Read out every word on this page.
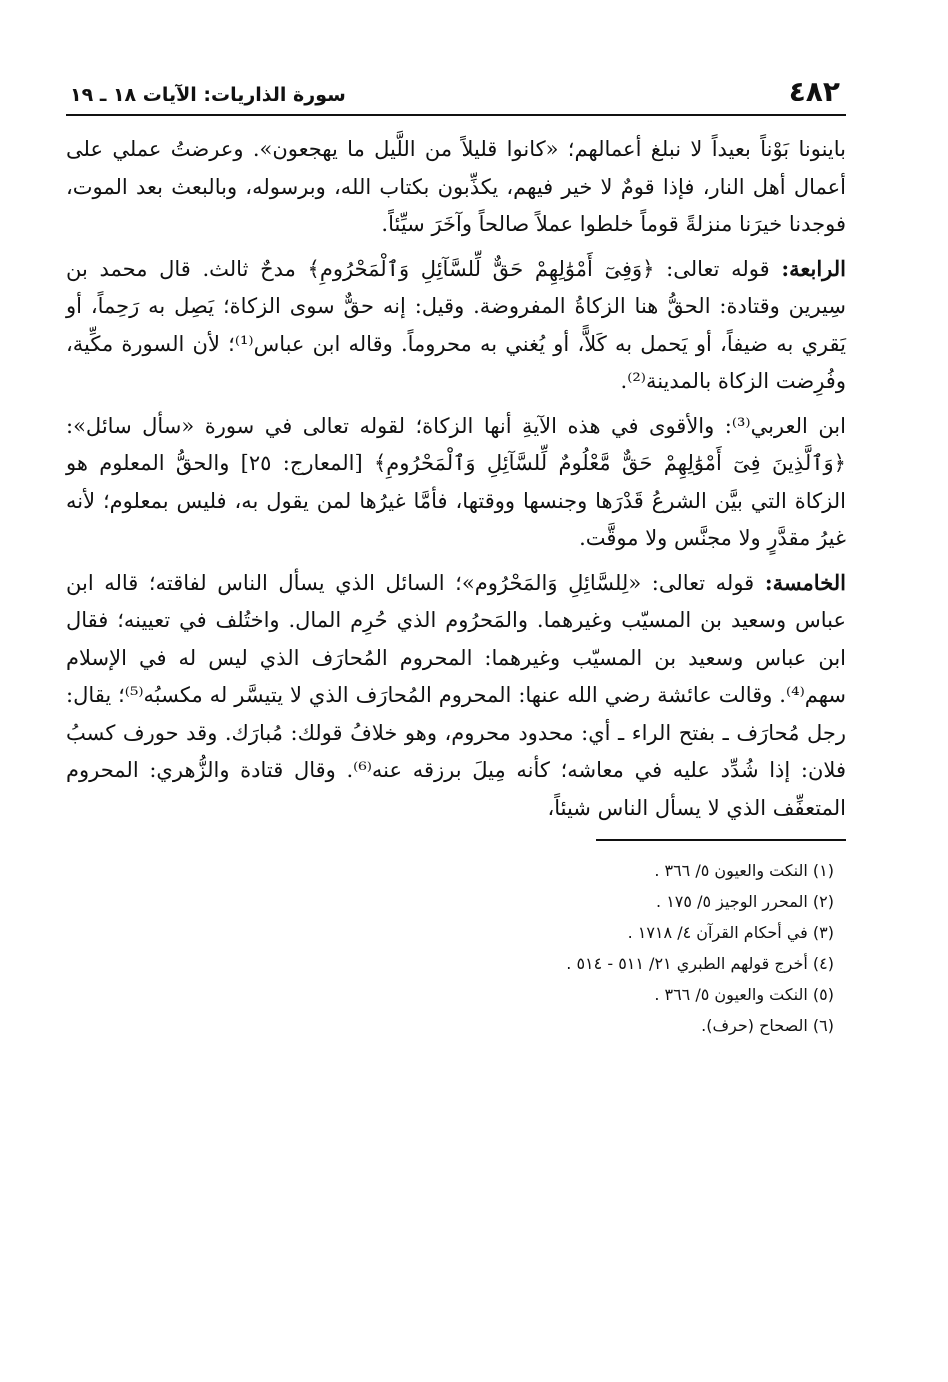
٤٨٢
سورة الذاريات: الآيات ١٨ ـ ١٩

باينونا بَوْناً بعيداً لا نبلغ أعمالهم؛ «كانوا قليلاً من اللَّيل ما يهجعون». وعرضتُ عملي على أعمال أهل النار، فإذا قومٌ لا خير فيهم، يكذِّبون بكتاب الله، وبرسوله، وبالبعث بعد الموت، فوجدنا خيرَنا منزلةً قوماً خلطوا عملاً صالحاً وآخَرَ سيِّئاً.

الرابعة: قوله تعالى: ﴿وَفِىٓ أَمْوَٰلِهِمْ حَقٌّ لِّلسَّآئِلِ وَٱلْمَحْرُومِ﴾ مدحٌ ثالث. قال محمد بن سِيرين وقتادة: الحقُّ هنا الزكاةُ المفروضة. وقيل: إنه حقٌّ سوى الزكاة؛ يَصِل به رَحِماً، أو يَقري به ضيفاً، أو يَحمل به كَلاًّ، أو يُغني به محروماً. وقاله ابن عباس⁽¹⁾؛ لأن السورة مكِّية، وفُرِضت الزكاة بالمدينة⁽²⁾.

ابن العربي⁽³⁾: والأقوى في هذه الآيةِ أنها الزكاة؛ لقوله تعالى في سورة «سأل سائل»: ﴿وَٱلَّذِينَ فِىٓ أَمْوَٰلِهِمْ حَقٌّ مَّعْلُومٌ لِّلسَّآئِلِ وَٱلْمَحْرُومِ﴾ [المعارج: ٢٥] والحقُّ المعلوم هو الزكاة التي بيَّن الشرعُ قَدْرَها وجنسها ووقتها، فأمَّا غيرُها لمن يقول به، فليس بمعلوم؛ لأنه غيرُ مقدَّرٍ ولا مجنَّس ولا موقَّت.

الخامسة: قوله تعالى: «لِلسَّائِلِ وَالمَحْرُوم»؛ السائل الذي يسأل الناس لفاقته؛ قاله ابن عباس وسعيد بن المسيّب وغيرهما. والمَحرُوم الذي حُرِم المال. واختُلف في تعيينه؛ فقال ابن عباس وسعيد بن المسيّب وغيرهما: المحروم المُحارَف الذي ليس له في الإسلام سهم⁽⁴⁾. وقالت عائشة رضي الله عنها: المحروم المُحارَف الذي لا يتيسَّر له مكسبُه⁽⁵⁾؛ يقال: رجل مُحارَف ـ بفتح الراء ـ أي: محدود محروم، وهو خلافُ قولك: مُبارَك. وقد حورف كسبُ فلان: إذا شُدِّد عليه في معاشه؛ كأنه مِيلَ برزقه عنه⁽⁶⁾. وقال قتادة والزُّهري: المحروم المتعفِّف الذي لا يسأل الناس شيئاً،

(١) النكت والعيون ٥/ ٣٦٦ .
(٢) المحرر الوجيز ٥/ ١٧٥ .
(٣) في أحكام القرآن ٤/ ١٧١٨ .
(٤) أخرج قولهم الطبري ٢١/ ٥١١ - ٥١٤ .
(٥) النكت والعيون ٥/ ٣٦٦ .
(٦) الصحاح (حرف).
